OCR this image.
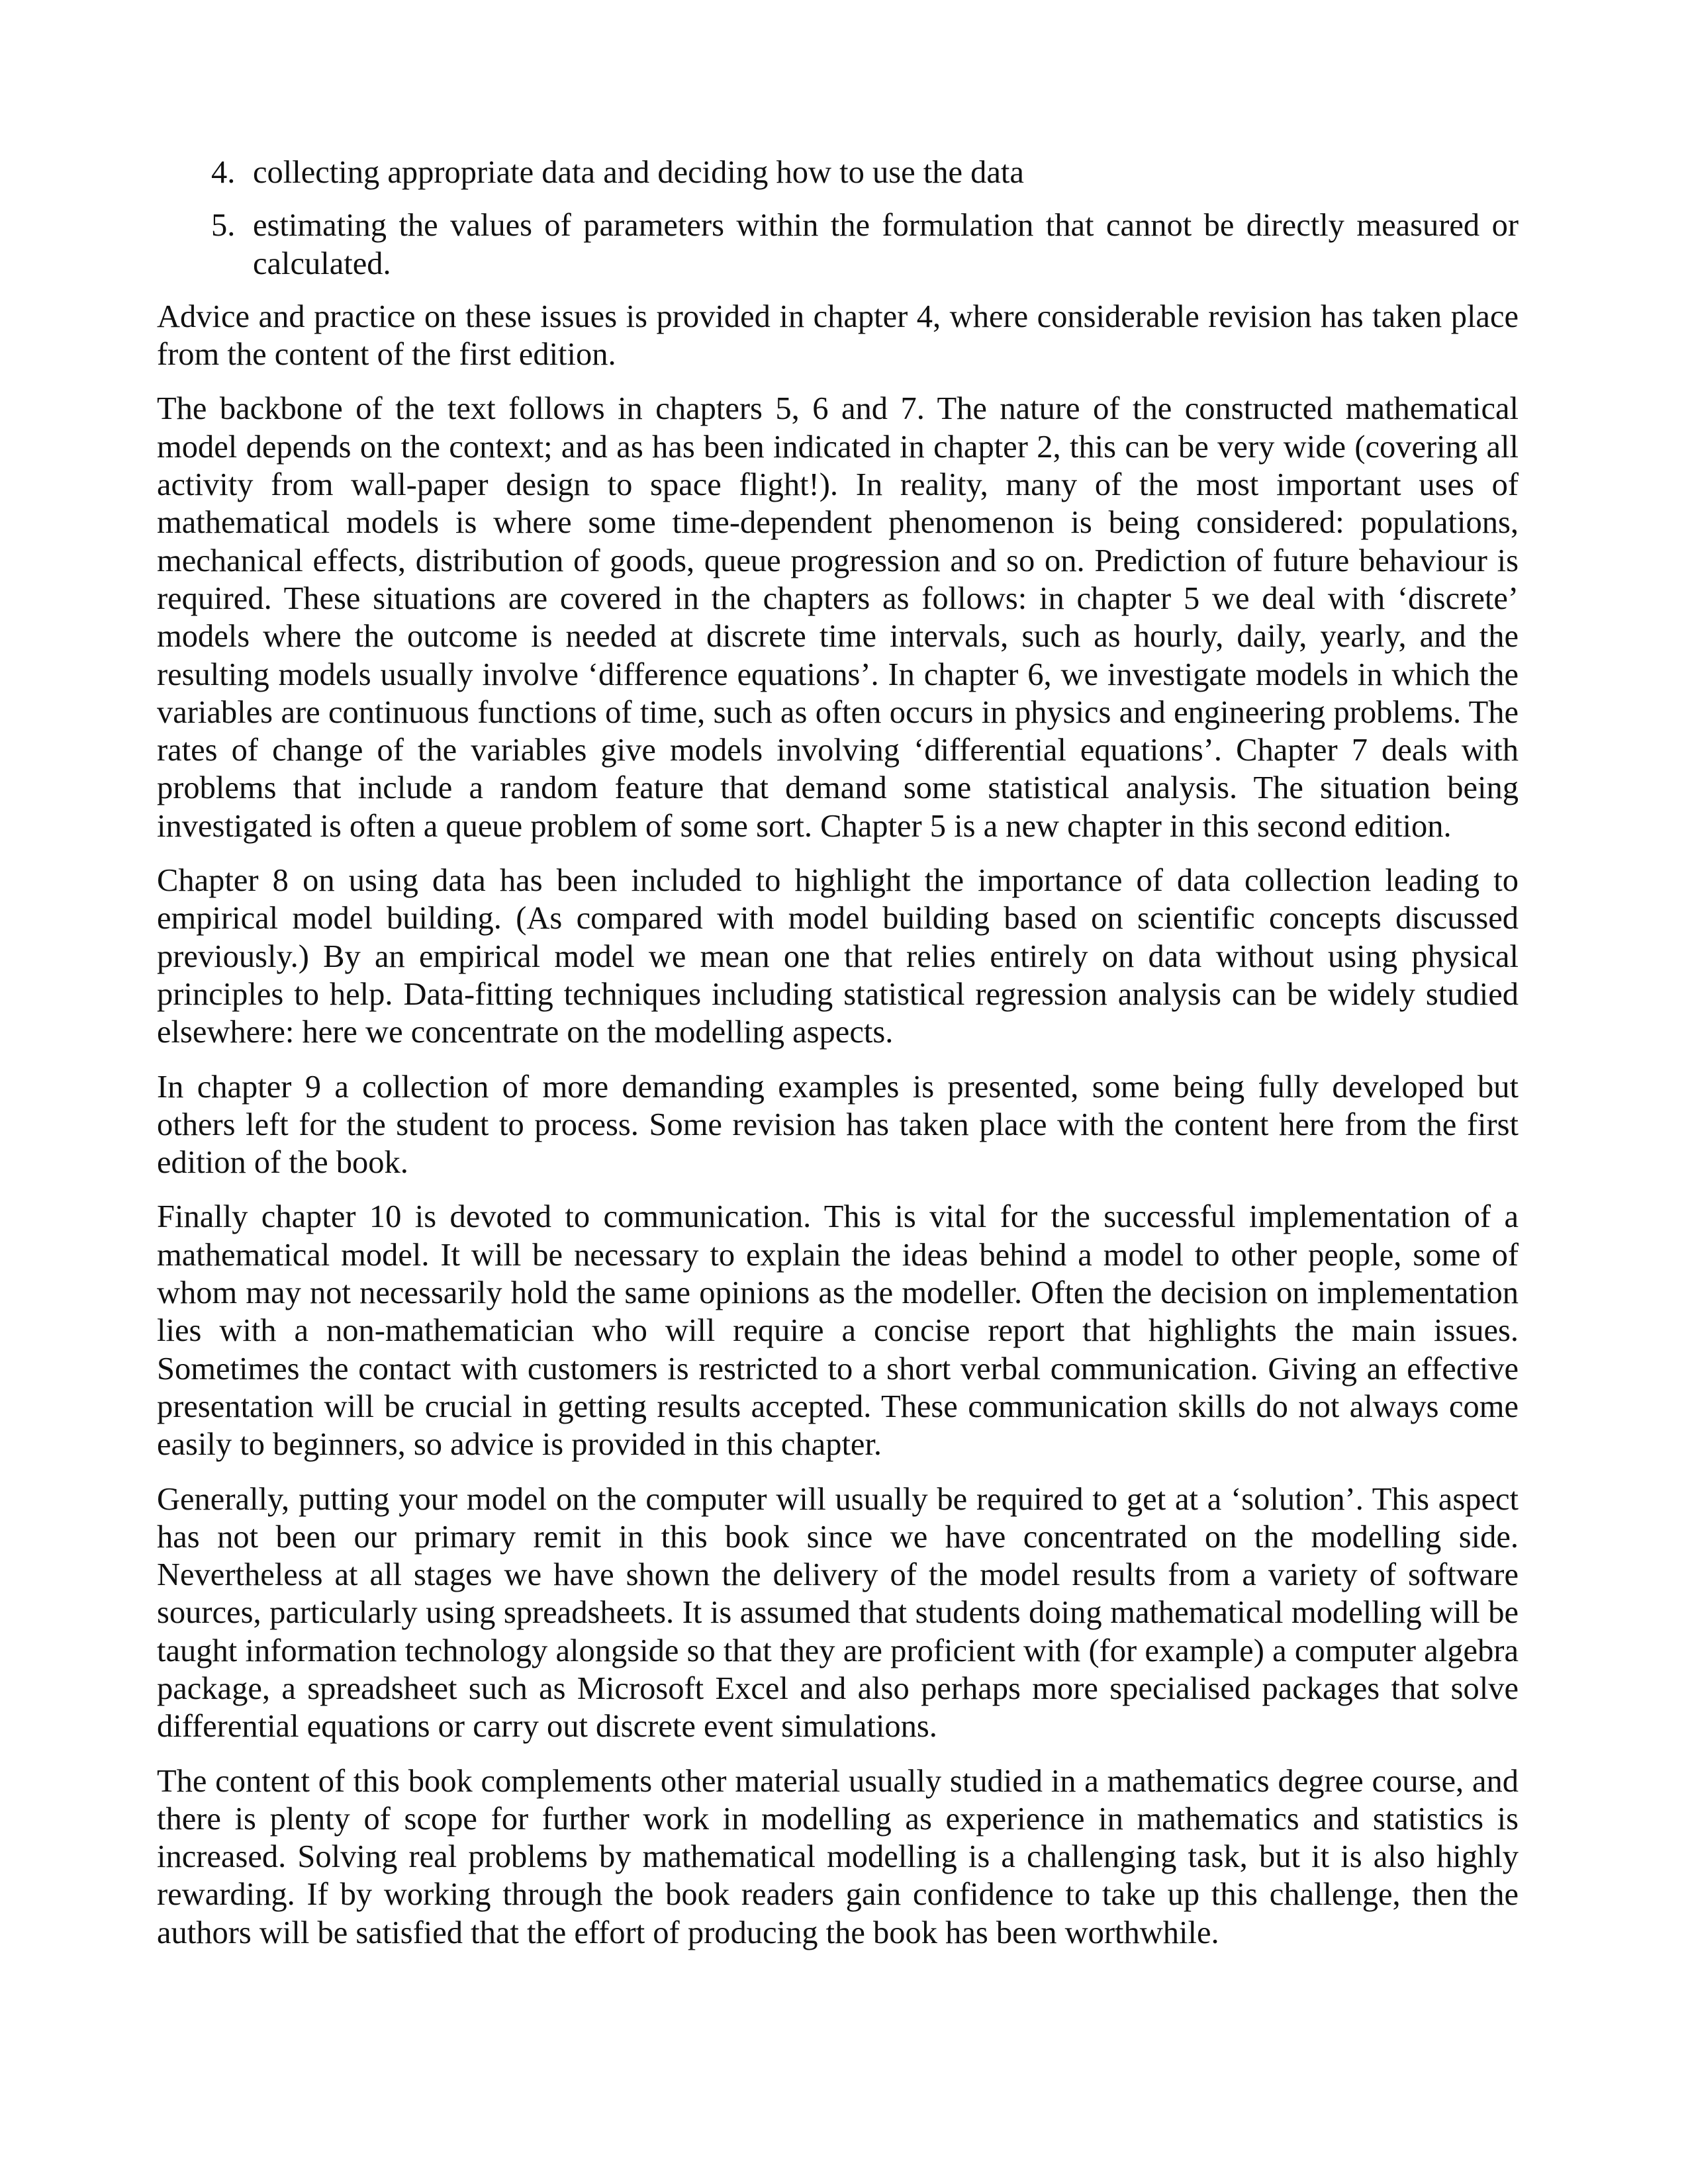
4. collecting appropriate data and deciding how to use the data
5. estimating the values of parameters within the formulation that cannot be directly measured or calculated.

Advice and practice on these issues is provided in chapter 4, where considerable revision has taken place from the content of the first edition.

The backbone of the text follows in chapters 5, 6 and 7. The nature of the constructed mathematical model depends on the context; and as has been indicated in chapter 2, this can be very wide (covering all activity from wall-paper design to space flight!). In reality, many of the most important uses of mathematical models is where some time-dependent phenomenon is being considered: populations, mechanical effects, distribution of goods, queue progression and so on. Prediction of future behaviour is required. These situations are covered in the chapters as follows: in chapter 5 we deal with ‘discrete’ models where the outcome is needed at discrete time intervals, such as hourly, daily, yearly, and the resulting models usually involve ‘difference equations’. In chapter 6, we investigate models in which the variables are continuous functions of time, such as often occurs in physics and engineering problems. The rates of change of the variables give models involving ‘differential equations’. Chapter 7 deals with problems that include a random feature that demand some statistical analysis. The situation being investigated is often a queue problem of some sort. Chapter 5 is a new chapter in this second edition.

Chapter 8 on using data has been included to highlight the importance of data collection leading to empirical model building. (As compared with model building based on scientific concepts discussed previously.) By an empirical model we mean one that relies entirely on data without using physical principles to help. Data-fitting techniques including statistical regression analysis can be widely studied elsewhere: here we concentrate on the modelling aspects.

In chapter 9 a collection of more demanding examples is presented, some being fully developed but others left for the student to process. Some revision has taken place with the content here from the first edition of the book.

Finally chapter 10 is devoted to communication. This is vital for the successful implementation of a mathematical model. It will be necessary to explain the ideas behind a model to other people, some of whom may not necessarily hold the same opinions as the modeller. Often the decision on implementation lies with a non-mathematician who will require a concise report that highlights the main issues. Sometimes the contact with customers is restricted to a short verbal communication. Giving an effective presentation will be crucial in getting results accepted. These communication skills do not always come easily to beginners, so advice is provided in this chapter.

Generally, putting your model on the computer will usually be required to get at a ‘solution’. This aspect has not been our primary remit in this book since we have concentrated on the modelling side. Nevertheless at all stages we have shown the delivery of the model results from a variety of software sources, particularly using spreadsheets. It is assumed that students doing mathematical modelling will be taught information technology alongside so that they are proficient with (for example) a computer algebra package, a spreadsheet such as Microsoft Excel and also perhaps more specialised packages that solve differential equations or carry out discrete event simulations.

The content of this book complements other material usually studied in a mathematics degree course, and there is plenty of scope for further work in modelling as experience in mathematics and statistics is increased. Solving real problems by mathematical modelling is a challenging task, but it is also highly rewarding. If by working through the book readers gain confidence to take up this challenge, then the authors will be satisfied that the effort of producing the book has been worthwhile.
